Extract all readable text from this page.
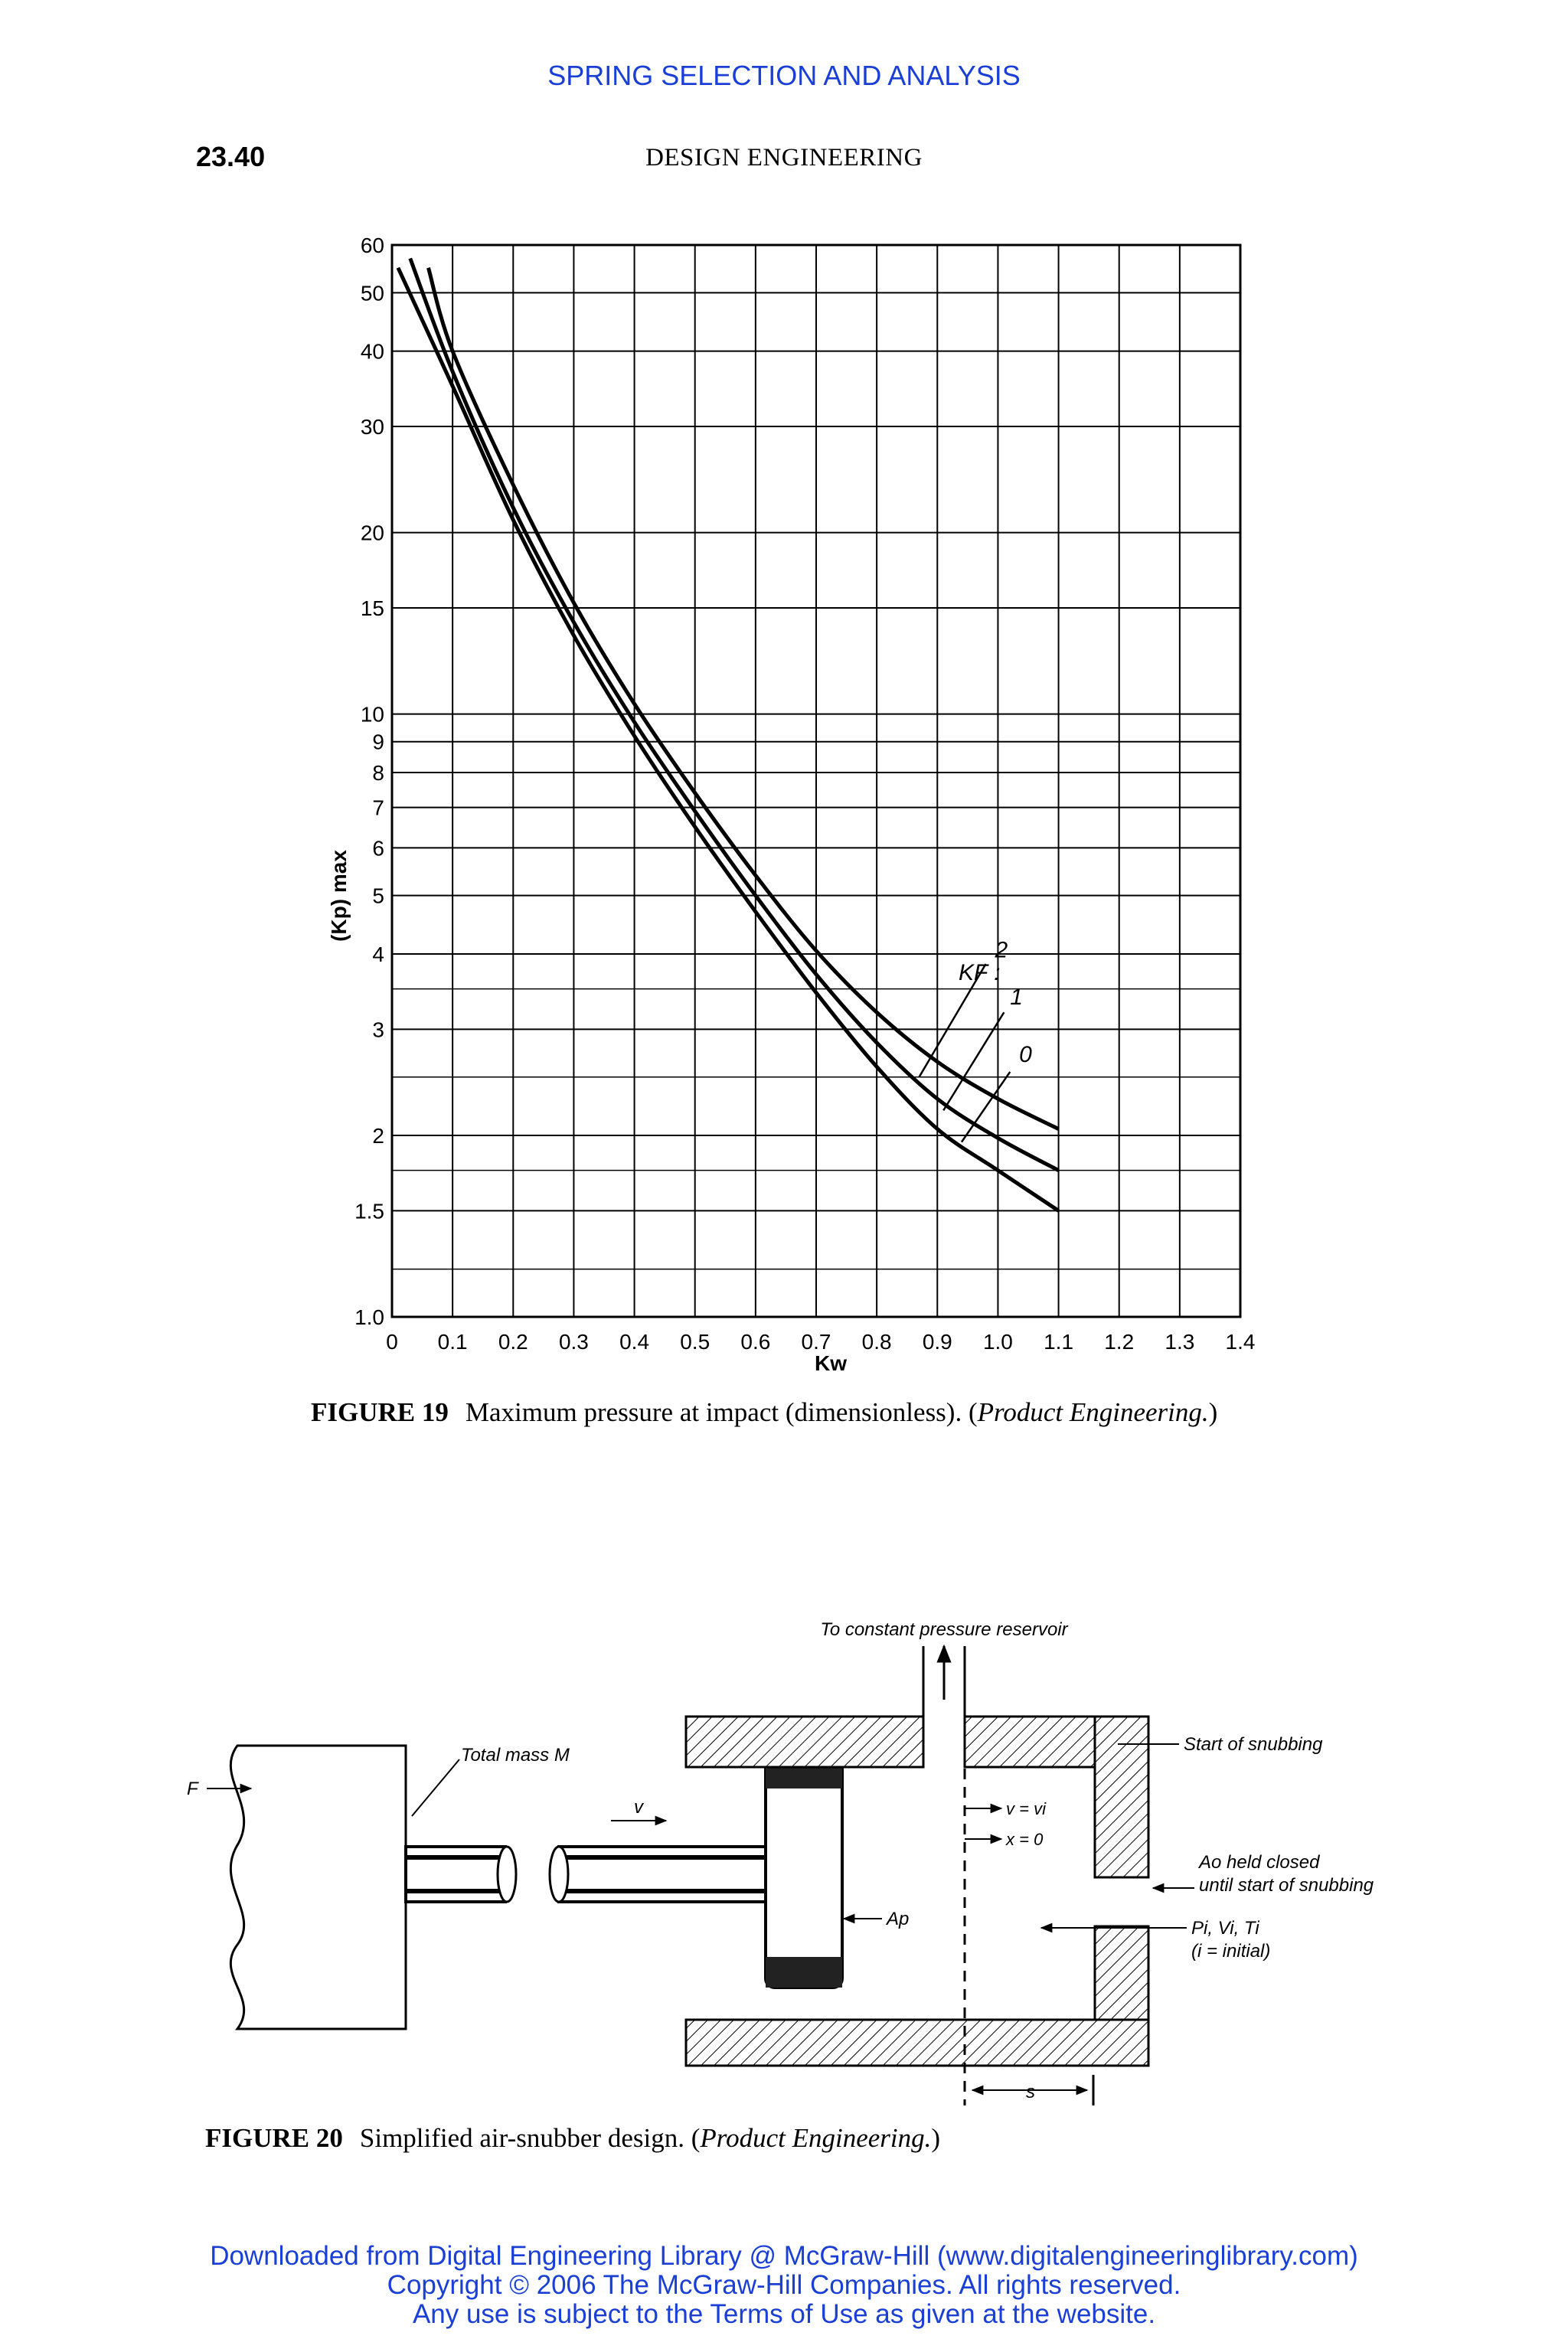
SPRING SELECTION AND ANALYSIS
23.40	DESIGN ENGINEERING
0 0.1 0.2 0.3 0.4 0.5 0.6 0.7 0.8 0.9 1.0 1.1 1.2 1.3 1.4
1.0
1.5
2
3
4
5
6
7
8
9
10
15
20
30
40
50
60
(Kp) max
Kw
KF :
0
1
2
FIGURE 19 Maximum pressure at impact (dimensionless). (Product Engineering.)
To constant pressure reservoir
F
Total mass M
v
Ap
v = vi
x = 0
Start of snubbing
Ao held closed
until start of snubbing
Pi, Vi, Ti
(i = initial)
s
FIGURE 20 Simplified air-snubber design. (Product Engineering.)
Downloaded from Digital Engineering Library @ McGraw-Hill (www.digitalengineeringlibrary.com)
Copyright © 2006 The McGraw-Hill Companies. All rights reserved.
Any use is subject to the Terms of Use as given at the website.
